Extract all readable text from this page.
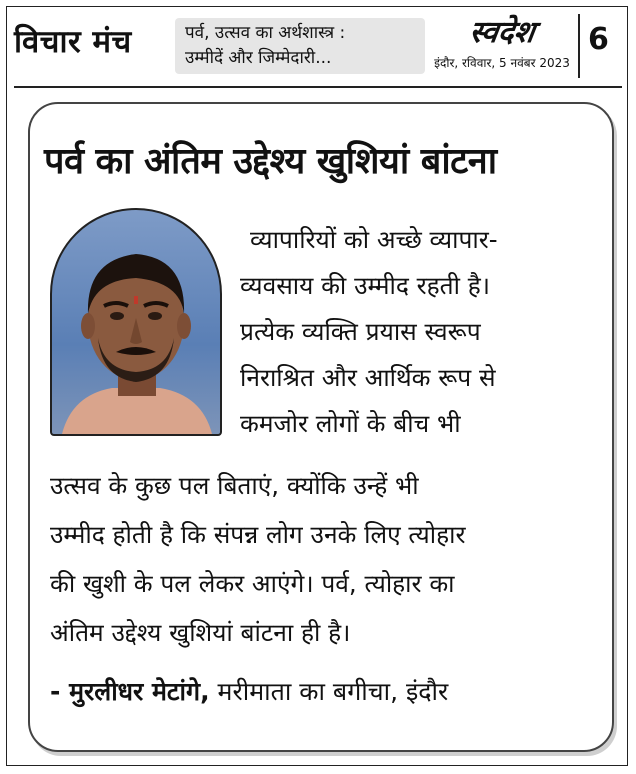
विचार मंच	पर्व, उत्सव का अर्थशास्त्र :
उम्मीदें और जिम्मेदारी...
स्वदेश
इंदौर, रविवार, 5 नवंबर 2023
6
पर्व का अंतिम उद्देश्य खुशियां बांटना
व्यापारियों को अच्छे व्यापार-
व्यवसाय की उम्मीद रहती है।
प्रत्येक व्यक्ति प्रयास स्वरूप
निराश्रित और आर्थिक रूप से
कमजोर लोगों के बीच भी
उत्सव के कुछ पल बिताएं, क्योंकि उन्हें भी
उम्मीद होती है कि संपन्न लोग उनके लिए त्योहार
की खुशी के पल लेकर आएंगे। पर्व, त्योहार का
अंतिम उद्देश्य खुशियां बांटना ही है।
- मुरलीधर मेटांगे, मरीमाता का बगीचा, इंदौर
